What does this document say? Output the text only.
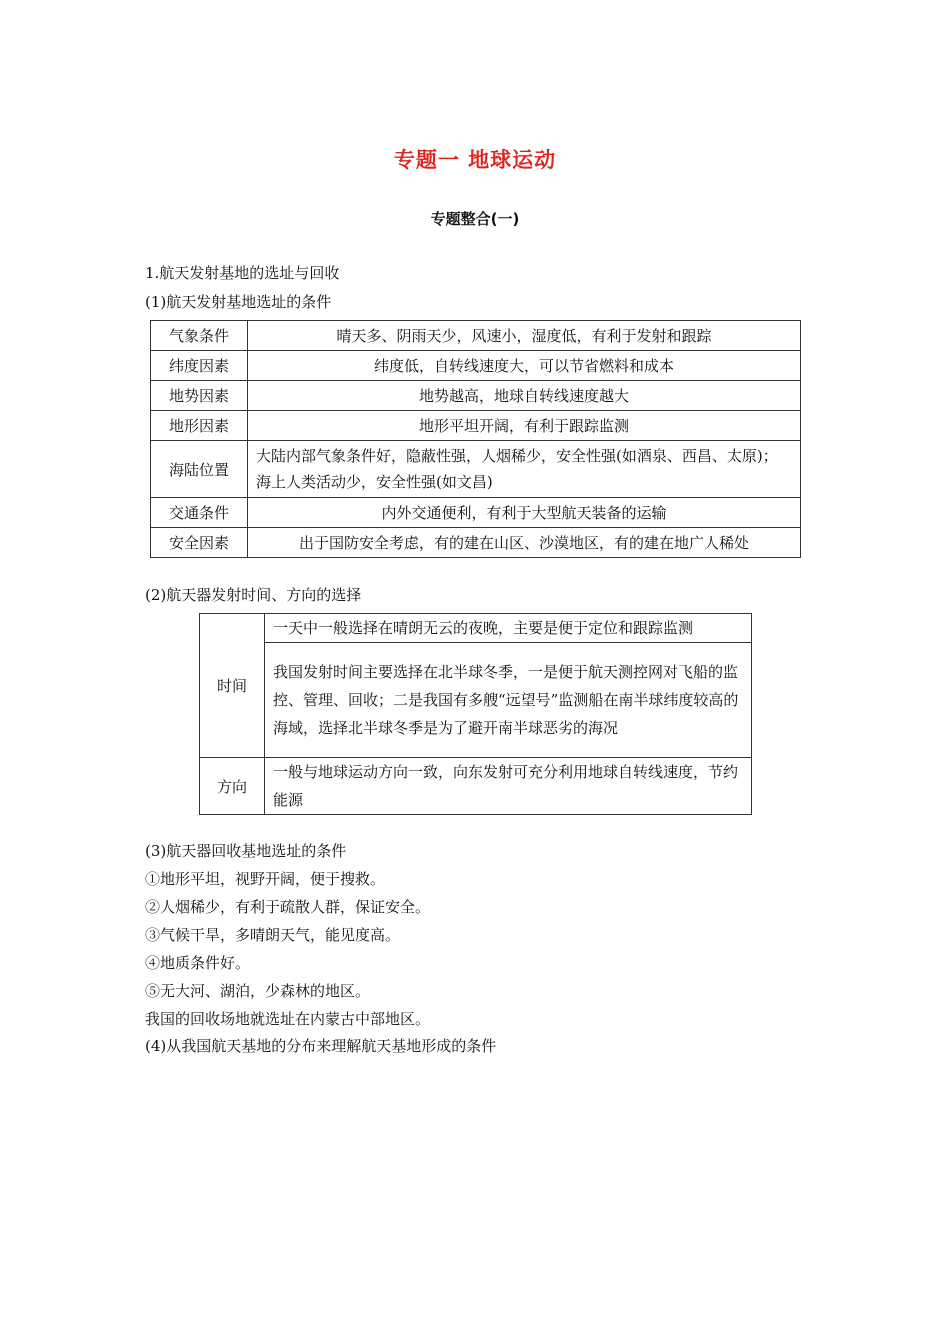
专题一 地球运动
专题整合(一)
1.航天发射基地的选址与回收
(1)航天发射基地选址的条件
气象条件	晴天多、阴雨天少，风速小，湿度低，有利于发射和跟踪
纬度因素	纬度低，自转线速度大，可以节省燃料和成本
地势因素	地势越高，地球自转线速度越大
地形因素	地形平坦开阔，有利于跟踪监测
海陆位置	大陆内部气象条件好，隐蔽性强，人烟稀少，安全性强(如酒泉、西昌、太原)；海上人类活动少，安全性强(如文昌)
交通条件	内外交通便利，有利于大型航天装备的运输
安全因素	出于国防安全考虑，有的建在山区、沙漠地区，有的建在地广人稀处
(2)航天器发射时间、方向的选择
时间	一天中一般选择在晴朗无云的夜晚，主要是便于定位和跟踪监测
	我国发射时间主要选择在北半球冬季，一是便于航天测控网对飞船的监控、管理、回收；二是我国有多艘“远望号”监测船在南半球纬度较高的海域，选择北半球冬季是为了避开南半球恶劣的海况
方向	一般与地球运动方向一致，向东发射可充分利用地球自转线速度，节约能源
(3)航天器回收基地选址的条件
①地形平坦，视野开阔，便于搜救。
②人烟稀少，有利于疏散人群，保证安全。
③气候干旱，多晴朗天气，能见度高。
④地质条件好。
⑤无大河、湖泊，少森林的地区。
我国的回收场地就选址在内蒙古中部地区。
(4)从我国航天基地的分布来理解航天基地形成的条件
